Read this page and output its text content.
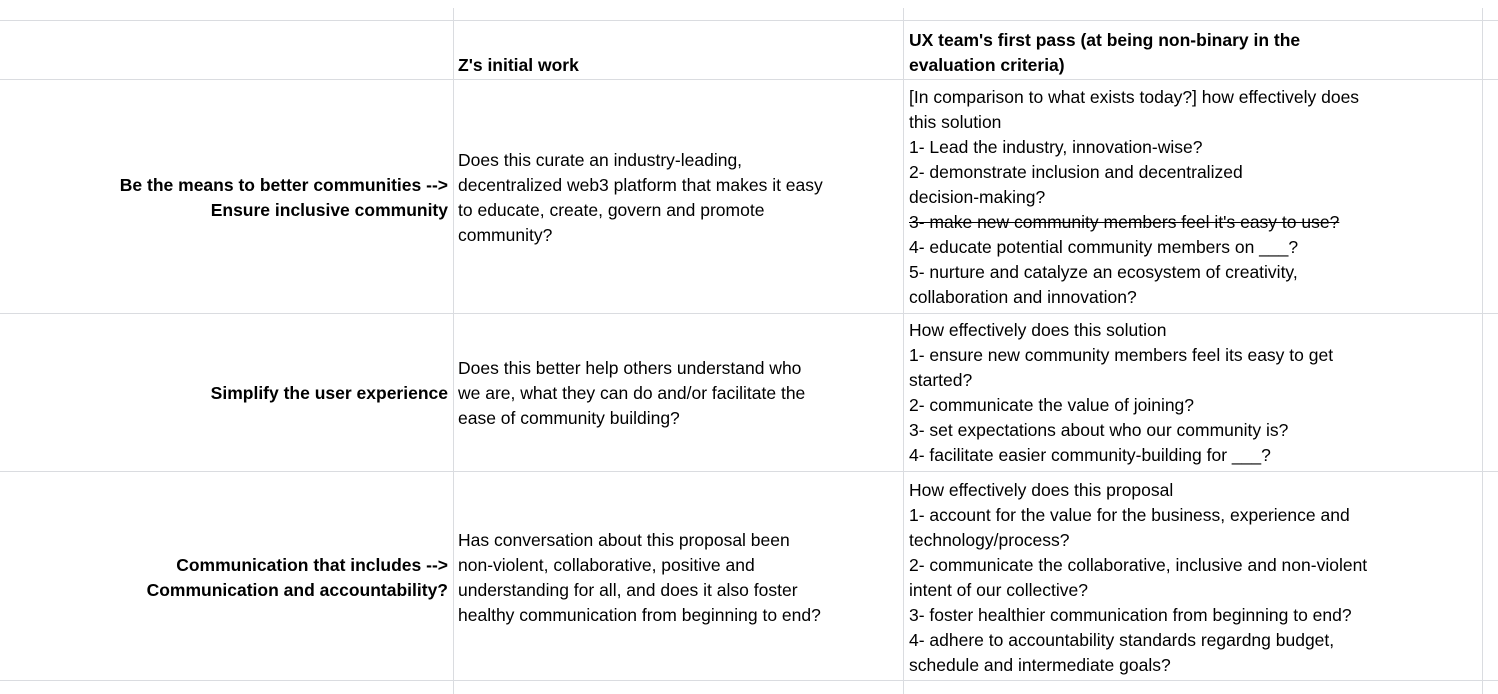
Z's initial work
UX team's first pass (at being non-binary in the
evaluation criteria)
Be the means to better communities -->
Ensure inclusive community
Does this curate an industry-leading,
decentralized web3 platform that makes it easy
to educate, create, govern and promote
community?
[In comparison to what exists today?] how effectively does
this solution
1- Lead the industry, innovation-wise?
2- demonstrate inclusion and decentralized
decision-making?
3- make new community members feel it's easy to use?
4- educate potential community members on ___?
5- nurture and catalyze an ecosystem of creativity,
collaboration and innovation?
Simplify the user experience
Does this better help others understand who
we are, what they can do and/or facilitate the
ease of community building?
How effectively does this solution
1- ensure new community members feel its easy to get
started?
2- communicate the value of joining?
3- set expectations about who our community is?
4- facilitate easier community-building for ___?
Communication that includes -->
Communication and accountability?
Has conversation about this proposal been
non-violent, collaborative, positive and
understanding for all, and does it also foster
healthy communication from beginning to end?
How effectively does this proposal
1- account for the value for the business, experience and
technology/process?
2- communicate the collaborative, inclusive and non-violent
intent of our collective?
3- foster healthier communication from beginning to end?
4- adhere to accountability standards regardng budget,
schedule and intermediate goals?
